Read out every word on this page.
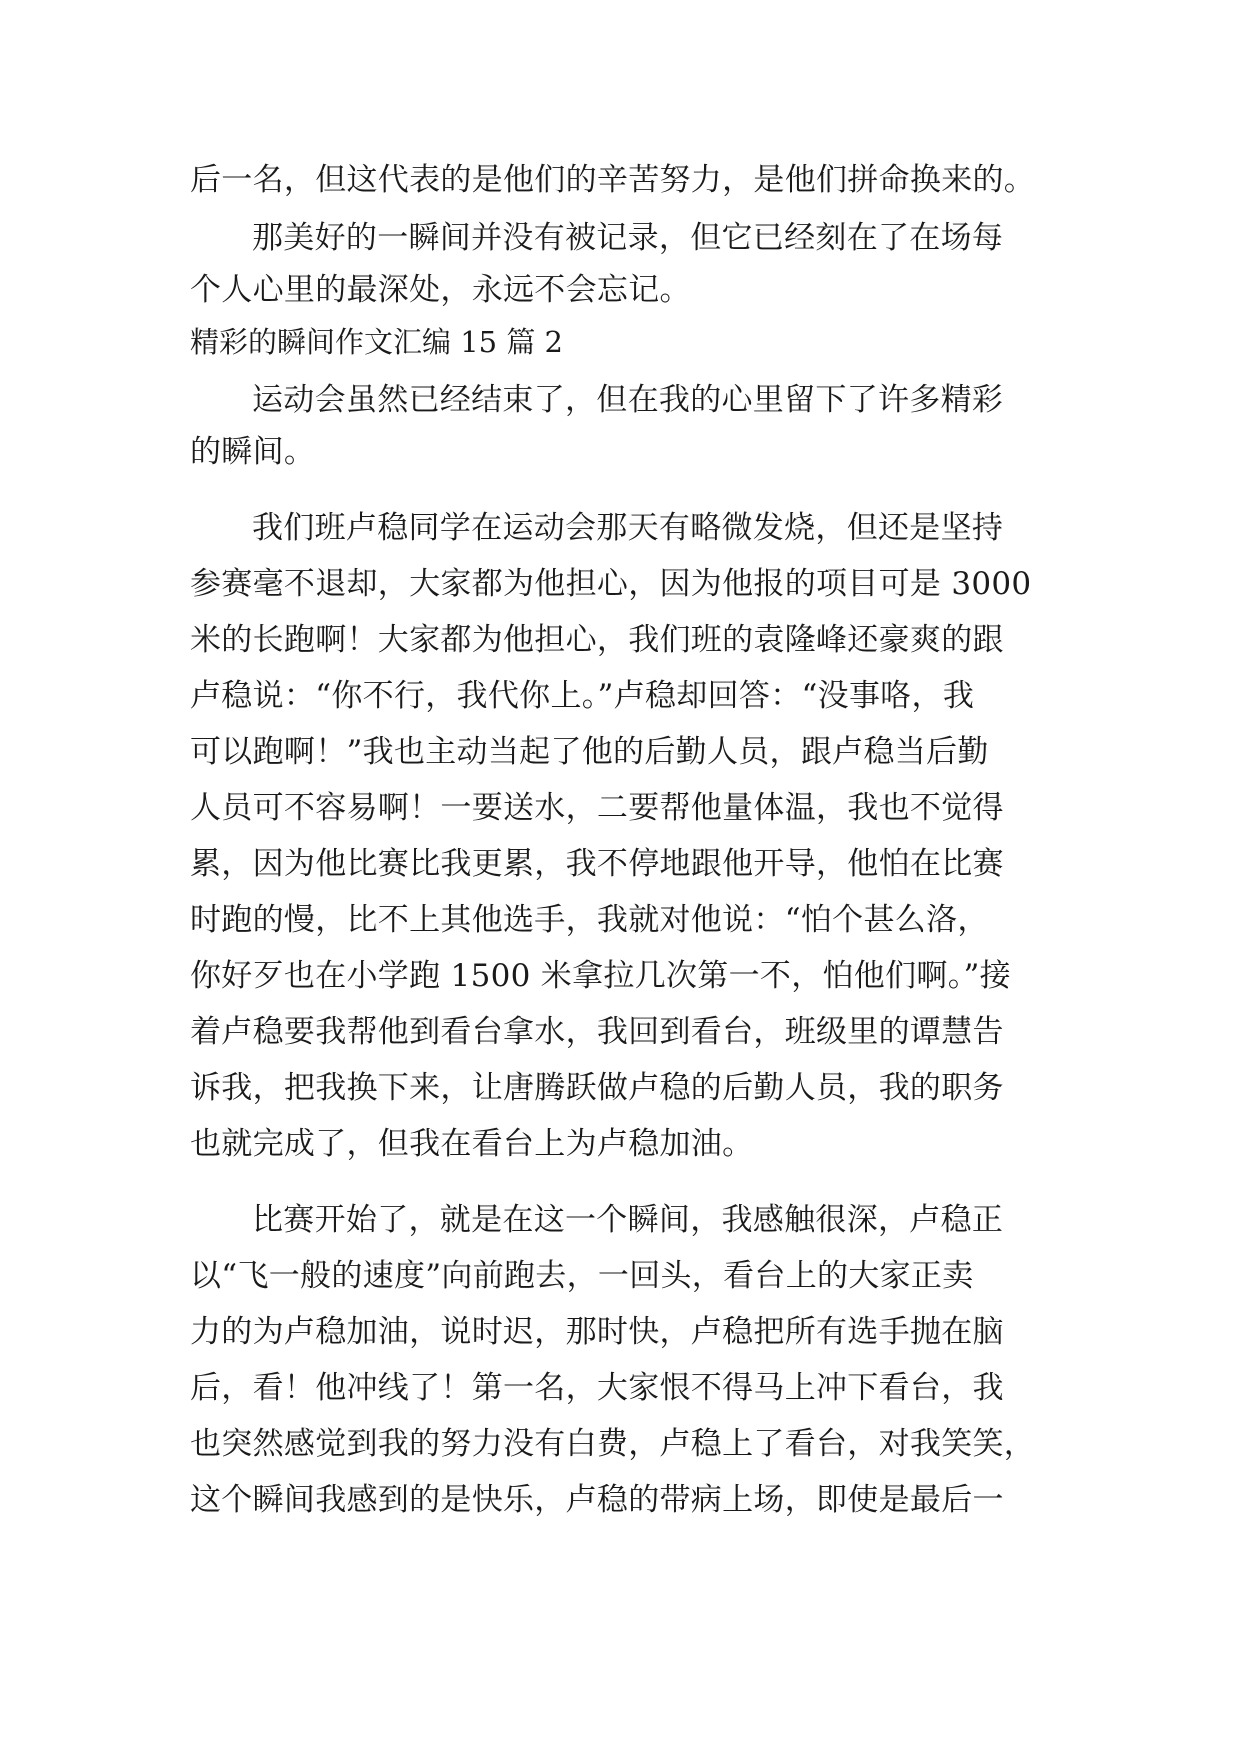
后一名，但这代表的是他们的辛苦努力，是他们拼命换来的。

那美好的一瞬间并没有被记录，但它已经刻在了在场每

个人心里的最深处，永远不会忘记。

精彩的瞬间作文汇编 15 篇 2

运动会虽然已经结束了，但在我的心里留下了许多精彩

的瞬间。

我们班卢稳同学在运动会那天有略微发烧，但还是坚持

参赛毫不退却，大家都为他担心，因为他报的项目可是 3000

米的长跑啊！大家都为他担心，我们班的袁隆峰还豪爽的跟

卢稳说：“你不行，我代你上。”卢稳却回答：“没事咯，我

可以跑啊！”我也主动当起了他的后勤人员，跟卢稳当后勤

人员可不容易啊！一要送水，二要帮他量体温，我也不觉得

累，因为他比赛比我更累，我不停地跟他开导，他怕在比赛

时跑的慢，比不上其他选手，我就对他说：“怕个甚么洛，

你好歹也在小学跑 1500 米拿拉几次第一不，怕他们啊。”接

着卢稳要我帮他到看台拿水，我回到看台，班级里的谭慧告

诉我，把我换下来，让唐腾跃做卢稳的后勤人员，我的职务

也就完成了，但我在看台上为卢稳加油。

比赛开始了，就是在这一个瞬间，我感触很深，卢稳正

以“飞一般的速度”向前跑去，一回头，看台上的大家正卖

力的为卢稳加油，说时迟，那时快，卢稳把所有选手抛在脑

后，看！他冲线了！第一名，大家恨不得马上冲下看台，我

也突然感觉到我的努力没有白费，卢稳上了看台，对我笑笑，

这个瞬间我感到的是快乐，卢稳的带病上场，即使是最后一
